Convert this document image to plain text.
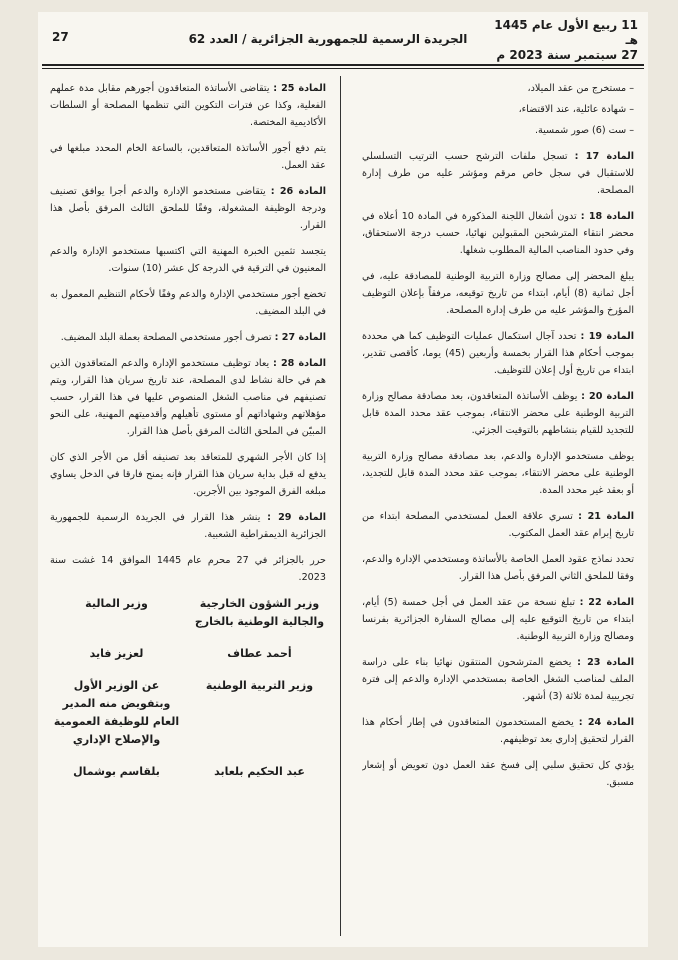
11 ربيع الأول عام 1445 هـ
27 سبتمبر سنة 2023 م
الجريدة الرسمية للجمهورية الجزائرية / العدد 62
27

– مستخرج من عقد الميلاد،

– شهادة عائلية، عند الاقتضاء،

– ست (6) صور شمسية.

المادة 17 : تسجل ملفات الترشح حسب الترتيب التسلسلي للاستقبال في سجل خاص مرقم ومؤشر عليه من طرف إدارة المصلحة.

المادة 18 : تدون أشغال اللجنة المذكورة في المادة 10 أعلاه في محضر انتقاء المترشحين المقبولين نهائيا، حسب درجة الاستحقاق، وفي حدود المناصب المالية المطلوب شغلها.

يبلغ المحضر إلى مصالح وزارة التربية الوطنية للمصادقة عليه، في أجل ثمانية (8) أيام، ابتداء من تاريخ توقيعه، مرفقاً بإعلان التوظيف المؤرخ والمؤشر عليه من طرف إدارة المصلحة.

المادة 19 : تحدد آجال استكمال عمليات التوظيف كما هي محددة بموجب أحكام هذا القرار بخمسة وأربعين (45) يوما، كأقصى تقدير، ابتداء من تاريخ أول إعلان للتوظيف.

المادة 20 : يوظف الأساتذة المتعاقدون، بعد مصادقة مصالح وزارة التربية الوطنية على محضر الانتقاء، بموجب عقد محدد المدة قابل للتجديد للقيام بنشاطهم بالتوقيت الجزئي.

يوظف مستخدمو الإدارة والدعم، بعد مصادقة مصالح وزارة التربية الوطنية على محضر الانتقاء، بموجب عقد محدد المدة قابل للتجديد، أو بعقد غير محدد المدة.

المادة 21 : تسري علاقة العمل لمستخدمي المصلحة ابتداء من تاريخ إبرام عقد العمل المكتوب.

تحدد نماذج عقود العمل الخاصة بالأساتذة ومستخدمي الإدارة والدعم، وفقا للملحق الثاني المرفق بأصل هذا القرار.

المادة 22 : تبلغ نسخة من عقد العمل في أجل خمسة (5) أيام، ابتداء من تاريخ التوقيع عليه إلى مصالح السفارة الجزائرية بفرنسا ومصالح وزارة التربية الوطنية.

المادة 23 : يخضع المترشحون المنتقون نهائيا بناء على دراسة الملف لمناصب الشغل الخاصة بمستخدمي الإدارة والدعم إلى فترة تجريبية لمدة ثلاثة (3) أشهر.

المادة 24 : يخضع المستخدمون المتعاقدون في إطار أحكام هذا القرار لتحقيق إداري بعد توظيفهم.

يؤدي كل تحقيق سلبي إلى فسخ عقد العمل دون تعويض أو إشعار مسبق.

المادة 25 : يتقاضى الأساتذة المتعاقدون أجورهم مقابل مدة عملهم الفعلية، وكذا عن فترات التكوين التي تنظمها المصلحة أو السلطات الأكاديمية المختصة.

يتم دفع أجور الأساتذة المتعاقدين، بالساعة الخام المحدد مبلغها في عقد العمل.

المادة 26 : يتقاضى مستخدمو الإدارة والدعم أجرا يوافق تصنيف ودرجة الوظيفة المشغولة، وفقًا للملحق الثالث المرفق بأصل هذا القرار.

يتجسد تثمين الخبرة المهنية التي اكتسبها مستخدمو الإدارة والدعم المعنيون في الترقية في الدرجة كل عشر (10) سنوات.

تخضع أجور مستخدمي الإدارة والدعم وفقًا لأحكام التنظيم المعمول به في البلد المضيف.

المادة 27 : تصرف أجور مستخدمي المصلحة بعملة البلد المضيف.

المادة 28 : يعاد توظيف مستخدمو الإدارة والدعم المتعاقدون الذين هم في حالة نشاط لدى المصلحة، عند تاريخ سريان هذا القرار، ويتم تصنيفهم في مناصب الشغل المنصوص عليها في هذا القرار، حسب مؤهلاتهم وشهاداتهم أو مستوى تأهيلهم وأقدميتهم المهنية، على النحو المبيّن في الملحق الثالث المرفق بأصل هذا القرار.

إذا كان الأجر الشهري للمتعاقد بعد تصنيفه أقل من الأجر الذي كان يدفع له قبل بداية سريان هذا القرار فإنه يمنح فارقا في الدخل يساوي مبلغه الفرق الموجود بين الأجرين.

المادة 29 : ينشر هذا القرار في الجريدة الرسمية للجمهورية الجزائرية الديمقراطية الشعبية.

حرر بالجزائر في 27 محرم عام 1445 الموافق 14 غشت سنة 2023.

وزير الشؤون الخارجية والجالية الوطنية بالخارج
وزير المالية
أحمد عطاف
لعزيز فايد
وزير التربية الوطنية
عن الوزير الأول وبتفويض منه المدير العام للوظيفة العمومية والإصلاح الإداري
عبد الحكيم بلعابد
بلقاسم بوشمال
